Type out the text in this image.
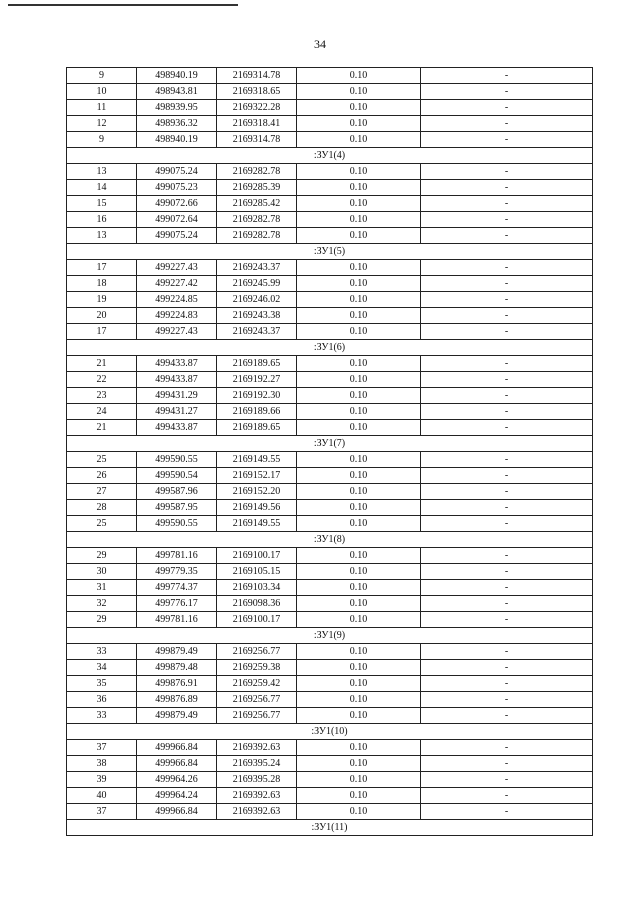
34
9	498940.19	2169314.78	0.10	-
10	498943.81	2169318.65	0.10	-
11	498939.95	2169322.28	0.10	-
12	498936.32	2169318.41	0.10	-
9	498940.19	2169314.78	0.10	-
:ЗУ1(4)				
13	499075.24	2169282.78	0.10	-
14	499075.23	2169285.39	0.10	-
15	499072.66	2169285.42	0.10	-
16	499072.64	2169282.78	0.10	-
13	499075.24	2169282.78	0.10	-
:ЗУ1(5)				
17	499227.43	2169243.37	0.10	-
18	499227.42	2169245.99	0.10	-
19	499224.85	2169246.02	0.10	-
20	499224.83	2169243.38	0.10	-
17	499227.43	2169243.37	0.10	-
:ЗУ1(6)				
21	499433.87	2169189.65	0.10	-
22	499433.87	2169192.27	0.10	-
23	499431.29	2169192.30	0.10	-
24	499431.27	2169189.66	0.10	-
21	499433.87	2169189.65	0.10	-
:ЗУ1(7)				
25	499590.55	2169149.55	0.10	-
26	499590.54	2169152.17	0.10	-
27	499587.96	2169152.20	0.10	-
28	499587.95	2169149.56	0.10	-
25	499590.55	2169149.55	0.10	-
:ЗУ1(8)				
29	499781.16	2169100.17	0.10	-
30	499779.35	2169105.15	0.10	-
31	499774.37	2169103.34	0.10	-
32	499776.17	2169098.36	0.10	-
29	499781.16	2169100.17	0.10	-
:ЗУ1(9)				
33	499879.49	2169256.77	0.10	-
34	499879.48	2169259.38	0.10	-
35	499876.91	2169259.42	0.10	-
36	499876.89	2169256.77	0.10	-
33	499879.49	2169256.77	0.10	-
:ЗУ1(10)				
37	499966.84	2169392.63	0.10	-
38	499966.84	2169395.24	0.10	-
39	499964.26	2169395.28	0.10	-
40	499964.24	2169392.63	0.10	-
37	499966.84	2169392.63	0.10	-
:ЗУ1(11)				
